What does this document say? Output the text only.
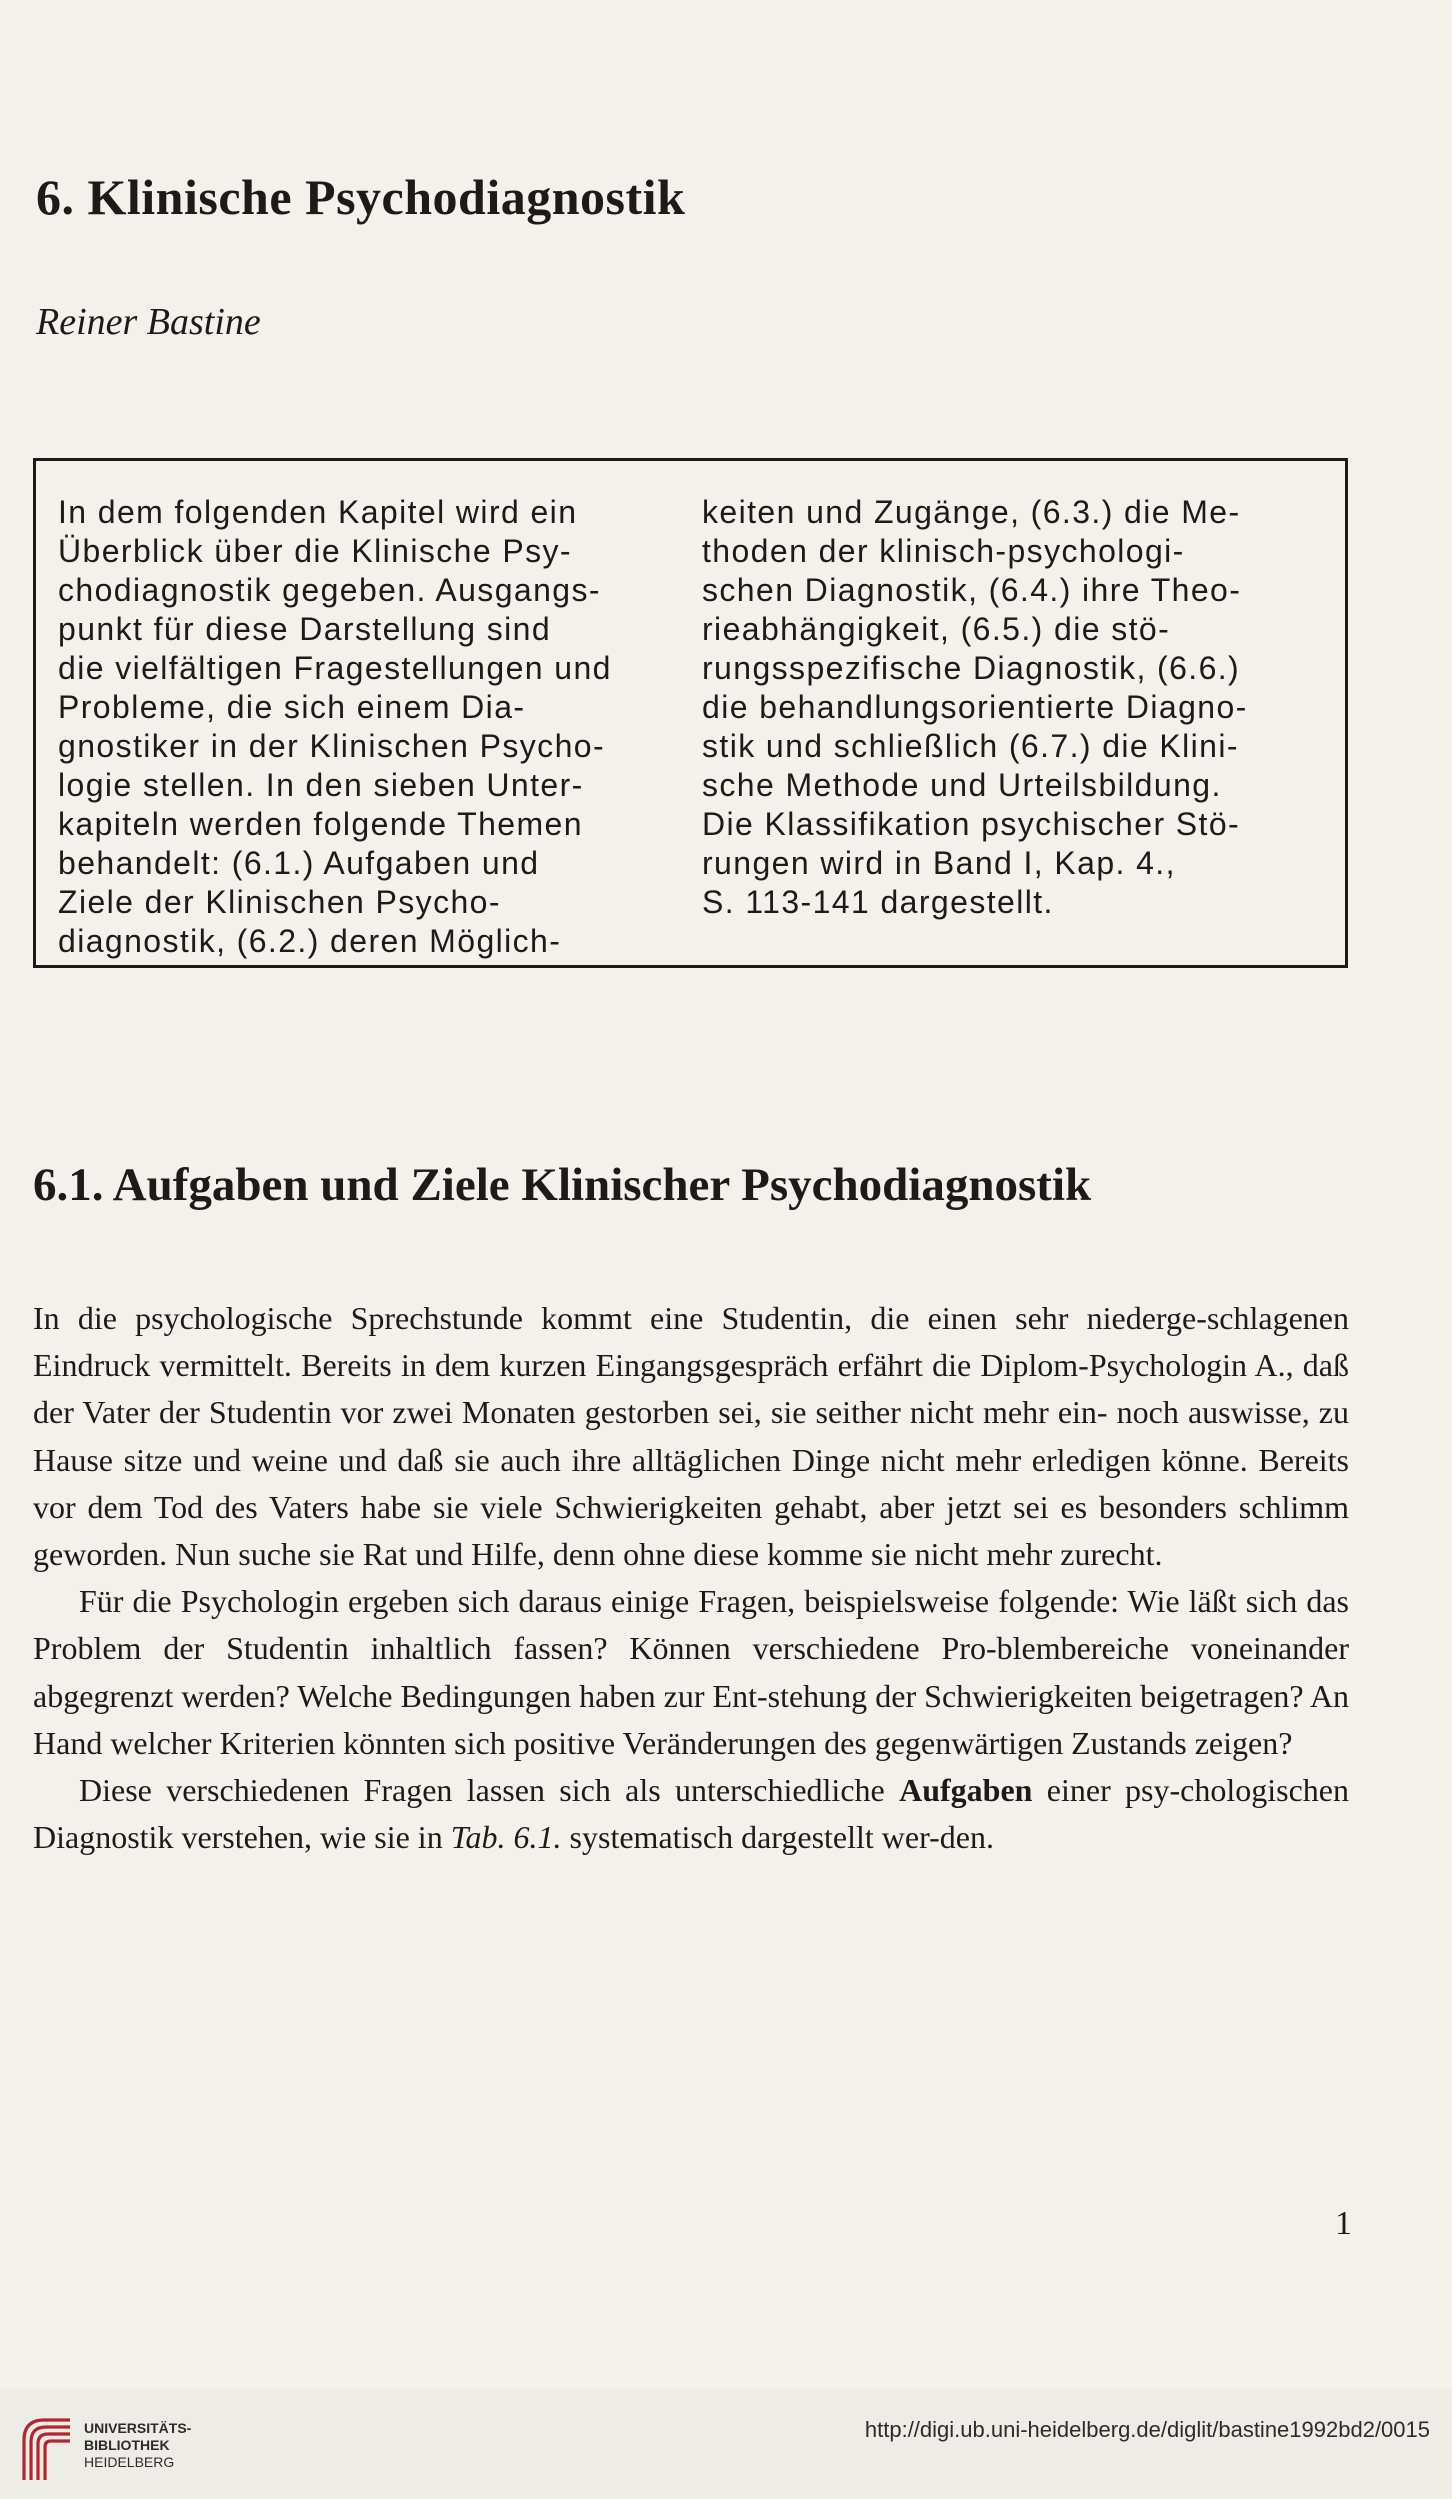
6. Klinische Psychodiagnostik

Reiner Bastine

In dem folgenden Kapitel wird ein
Überblick über die Klinische Psy-
chodiagnostik gegeben. Ausgangs-
punkt für diese Darstellung sind
die vielfältigen Fragestellungen und
Probleme, die sich einem Dia-
gnostiker in der Klinischen Psycho-
logie stellen. In den sieben Unter-
kapiteln werden folgende Themen
behandelt: (6.1.) Aufgaben und
Ziele der Klinischen Psycho-
diagnostik, (6.2.) deren Möglich-
keiten und Zugänge, (6.3.) die Me-
thoden der klinisch-psychologi-
schen Diagnostik, (6.4.) ihre Theo-
rieabhängigkeit, (6.5.) die stö-
rungsspezifische Diagnostik, (6.6.)
die behandlungsorientierte Diagno-
stik und schließlich (6.7.) die Klini-
sche Methode und Urteilsbildung.
Die Klassifikation psychischer Stö-
rungen wird in Band I, Kap. 4.,
S. 113-141 dargestellt.
6.1. Aufgaben und Ziele Klinischer Psychodiagnostik

In die psychologische Sprechstunde kommt eine Studentin, die einen sehr niederge-schlagenen Eindruck vermittelt. Bereits in dem kurzen Eingangsgespräch erfährt die Diplom-Psychologin A., daß der Vater der Studentin vor zwei Monaten gestorben sei, sie seither nicht mehr ein- noch auswisse, zu Hause sitze und weine und daß sie auch ihre alltäglichen Dinge nicht mehr erledigen könne. Bereits vor dem Tod des Vaters habe sie viele Schwierigkeiten gehabt, aber jetzt sei es besonders schlimm geworden. Nun suche sie Rat und Hilfe, denn ohne diese komme sie nicht mehr zurecht.

Für die Psychologin ergeben sich daraus einige Fragen, beispielsweise folgende: Wie läßt sich das Problem der Studentin inhaltlich fassen? Können verschiedene Pro-blembereiche voneinander abgegrenzt werden? Welche Bedingungen haben zur Ent-stehung der Schwierigkeiten beigetragen? An Hand welcher Kriterien könnten sich positive Veränderungen des gegenwärtigen Zustands zeigen?

Diese verschiedenen Fragen lassen sich als unterschiedliche Aufgaben einer psy-chologischen Diagnostik verstehen, wie sie in Tab. 6.1. systematisch dargestellt wer-den.

1

UNIVERSITÄTS-
BIBLIOTHEK
HEIDELBERG
http://digi.ub.uni-heidelberg.de/diglit/bastine1992bd2/0015
